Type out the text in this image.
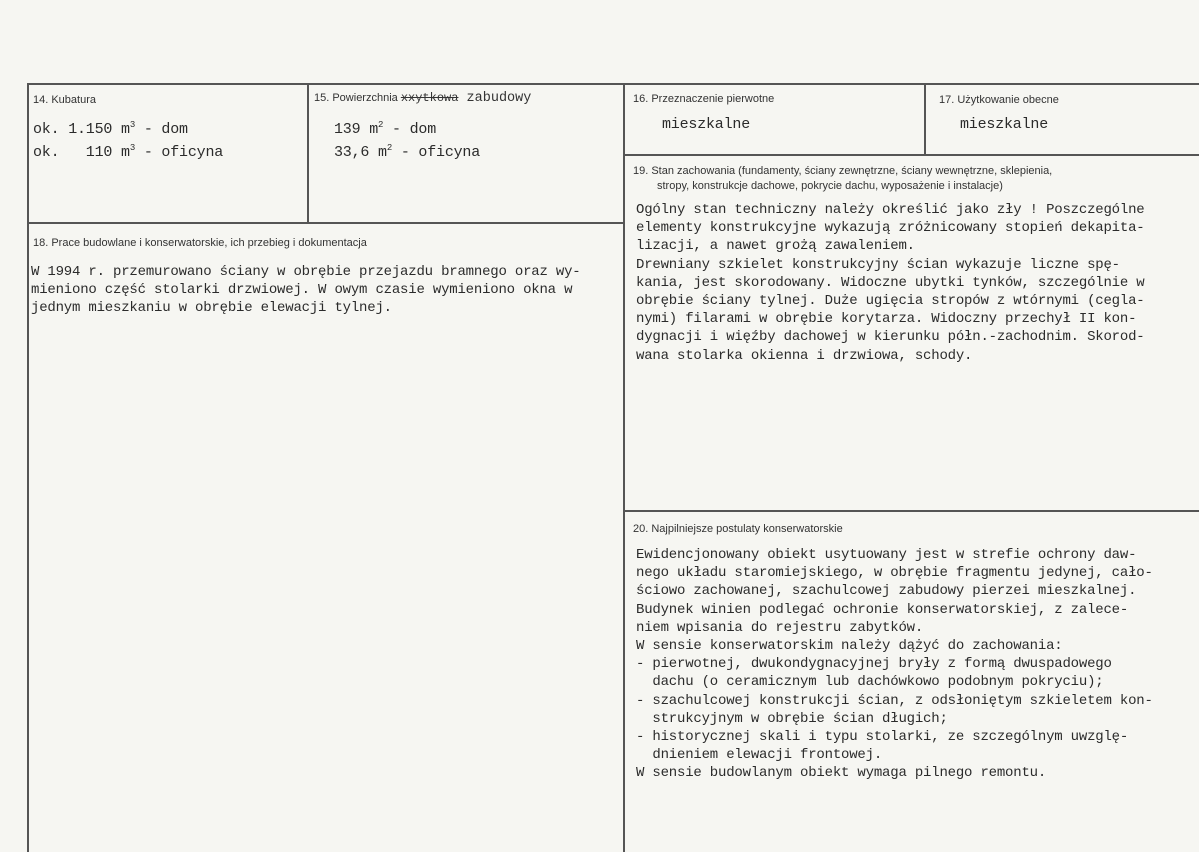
14. Kubatura
ok. 1.150 $m^3$ - dom
ok.   110 $m^3$ - oficyna
15. Powierzchnia xxytkowa zabudowy
139 $m^2$ - dom
33,6 $m^2$ - oficyna
16. Przeznaczenie pierwotne
mieszkalne
17. Użytkowanie obecne
mieszkalne
18. Prace budowlane i konserwatorskie, ich przebieg i dokumentacja
W 1994 r. przemurowano ściany w obrębie przejazdu bramnego oraz wy-
mieniono część stolarki drzwiowej. W owym czasie wymieniono okna w
jednym mieszkaniu w obrębie elewacji tylnej.
19. Stan zachowania (fundamenty, ściany zewnętrzne, ściany wewnętrzne, sklepienia,
stropy, konstrukcje dachowe, pokrycie dachu, wyposażenie i instalacje)
Ogólny stan techniczny należy określić jako zły ! Poszczególne
elementy konstrukcyjne wykazują zróżnicowany stopień dekapita-
lizacji, a nawet grożą zawaleniem.
Drewniany szkielet konstrukcyjny ścian wykazuje liczne spę-
kania, jest skorodowany. Widoczne ubytki tynków, szczególnie w
obrębie ściany tylnej. Duże ugięcia stropów z wtórnymi (cegla-
nymi) filarami w obrębie korytarza. Widoczny przechył II kon-
dygnacji i więźby dachowej w kierunku półn.-zachodnim. Skorod-
wana stolarka okienna i drzwiowa, schody.
20. Najpilniejsze postulaty konserwatorskie
Ewidencjonowany obiekt usytuowany jest w strefie ochrony daw-
nego układu staromiejskiego, w obrębie fragmentu jedynej, cało-
ściowo zachowanej, szachulcowej zabudowy pierzei mieszkalnej.
Budynek winien podlegać ochronie konserwatorskiej, z zalece-
niem wpisania do rejestru zabytków.
W sensie konserwatorskim należy dążyć do zachowania:
- pierwotnej, dwukondygnacyjnej bryły z formą dwuspadowego
dachu (o ceramicznym lub dachówkowo podobnym pokryciu);
- szachulcowej konstrukcji ścian, z odsłoniętym szkieletem kon-
strukcyjnym w obrębie ścian długich;
- historycznej skali i typu stolarki, ze szczególnym uwzglę-
dnieniem elewacji frontowej.
W sensie budowlanym obiekt wymaga pilnego remontu.
